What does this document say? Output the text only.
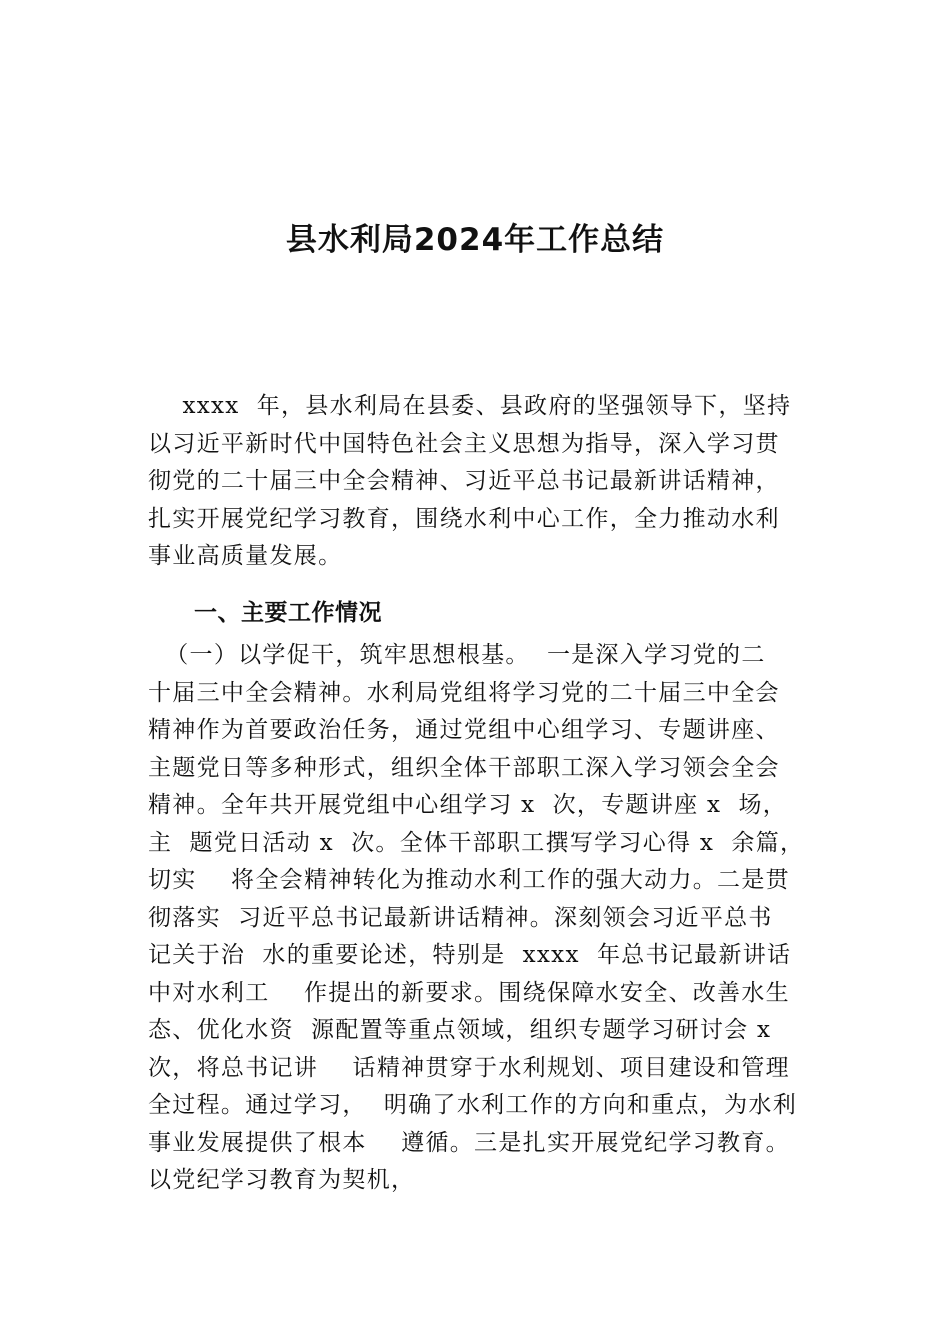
县水利局2024年工作总结
xxxx  年，县水利局在县委、县政府的坚强领导下，坚持
以习近平新时代中国特色社会主义思想为指导，深入学习贯
彻党的二十届三中全会精神、习近平总书记最新讲话精神，
扎实开展党纪学习教育，围绕水利中心工作，全力推动水利
事业高质量发展。
一、主要工作情况
（一）以学促干，筑牢思想根基。  一是深入学习党的二
十届三中全会精神。水利局党组将学习党的二十届三中全会
精神作为首要政治任务，通过党组中心组学习、专题讲座、
主题党日等多种形式，组织全体干部职工深入学习领会全会
精神。全年共开展党组中心组学习 x  次，专题讲座 x  场，
主  题党日活动 x  次。全体干部职工撰写学习心得 x  余篇，
切实    将全会精神转化为推动水利工作的强大动力。二是贯
彻落实  习近平总书记最新讲话精神。深刻领会习近平总书
记关于治  水的重要论述，特别是  xxxx  年总书记最新讲话
中对水利工    作提出的新要求。围绕保障水安全、改善水生
态、优化水资  源配置等重点领域，组织专题学习研讨会 x
次，将总书记讲    话精神贯穿于水利规划、项目建设和管理
全过程。通过学习，  明确了水利工作的方向和重点，为水利
事业发展提供了根本    遵循。三是扎实开展党纪学习教育。
以党纪学习教育为契机，
